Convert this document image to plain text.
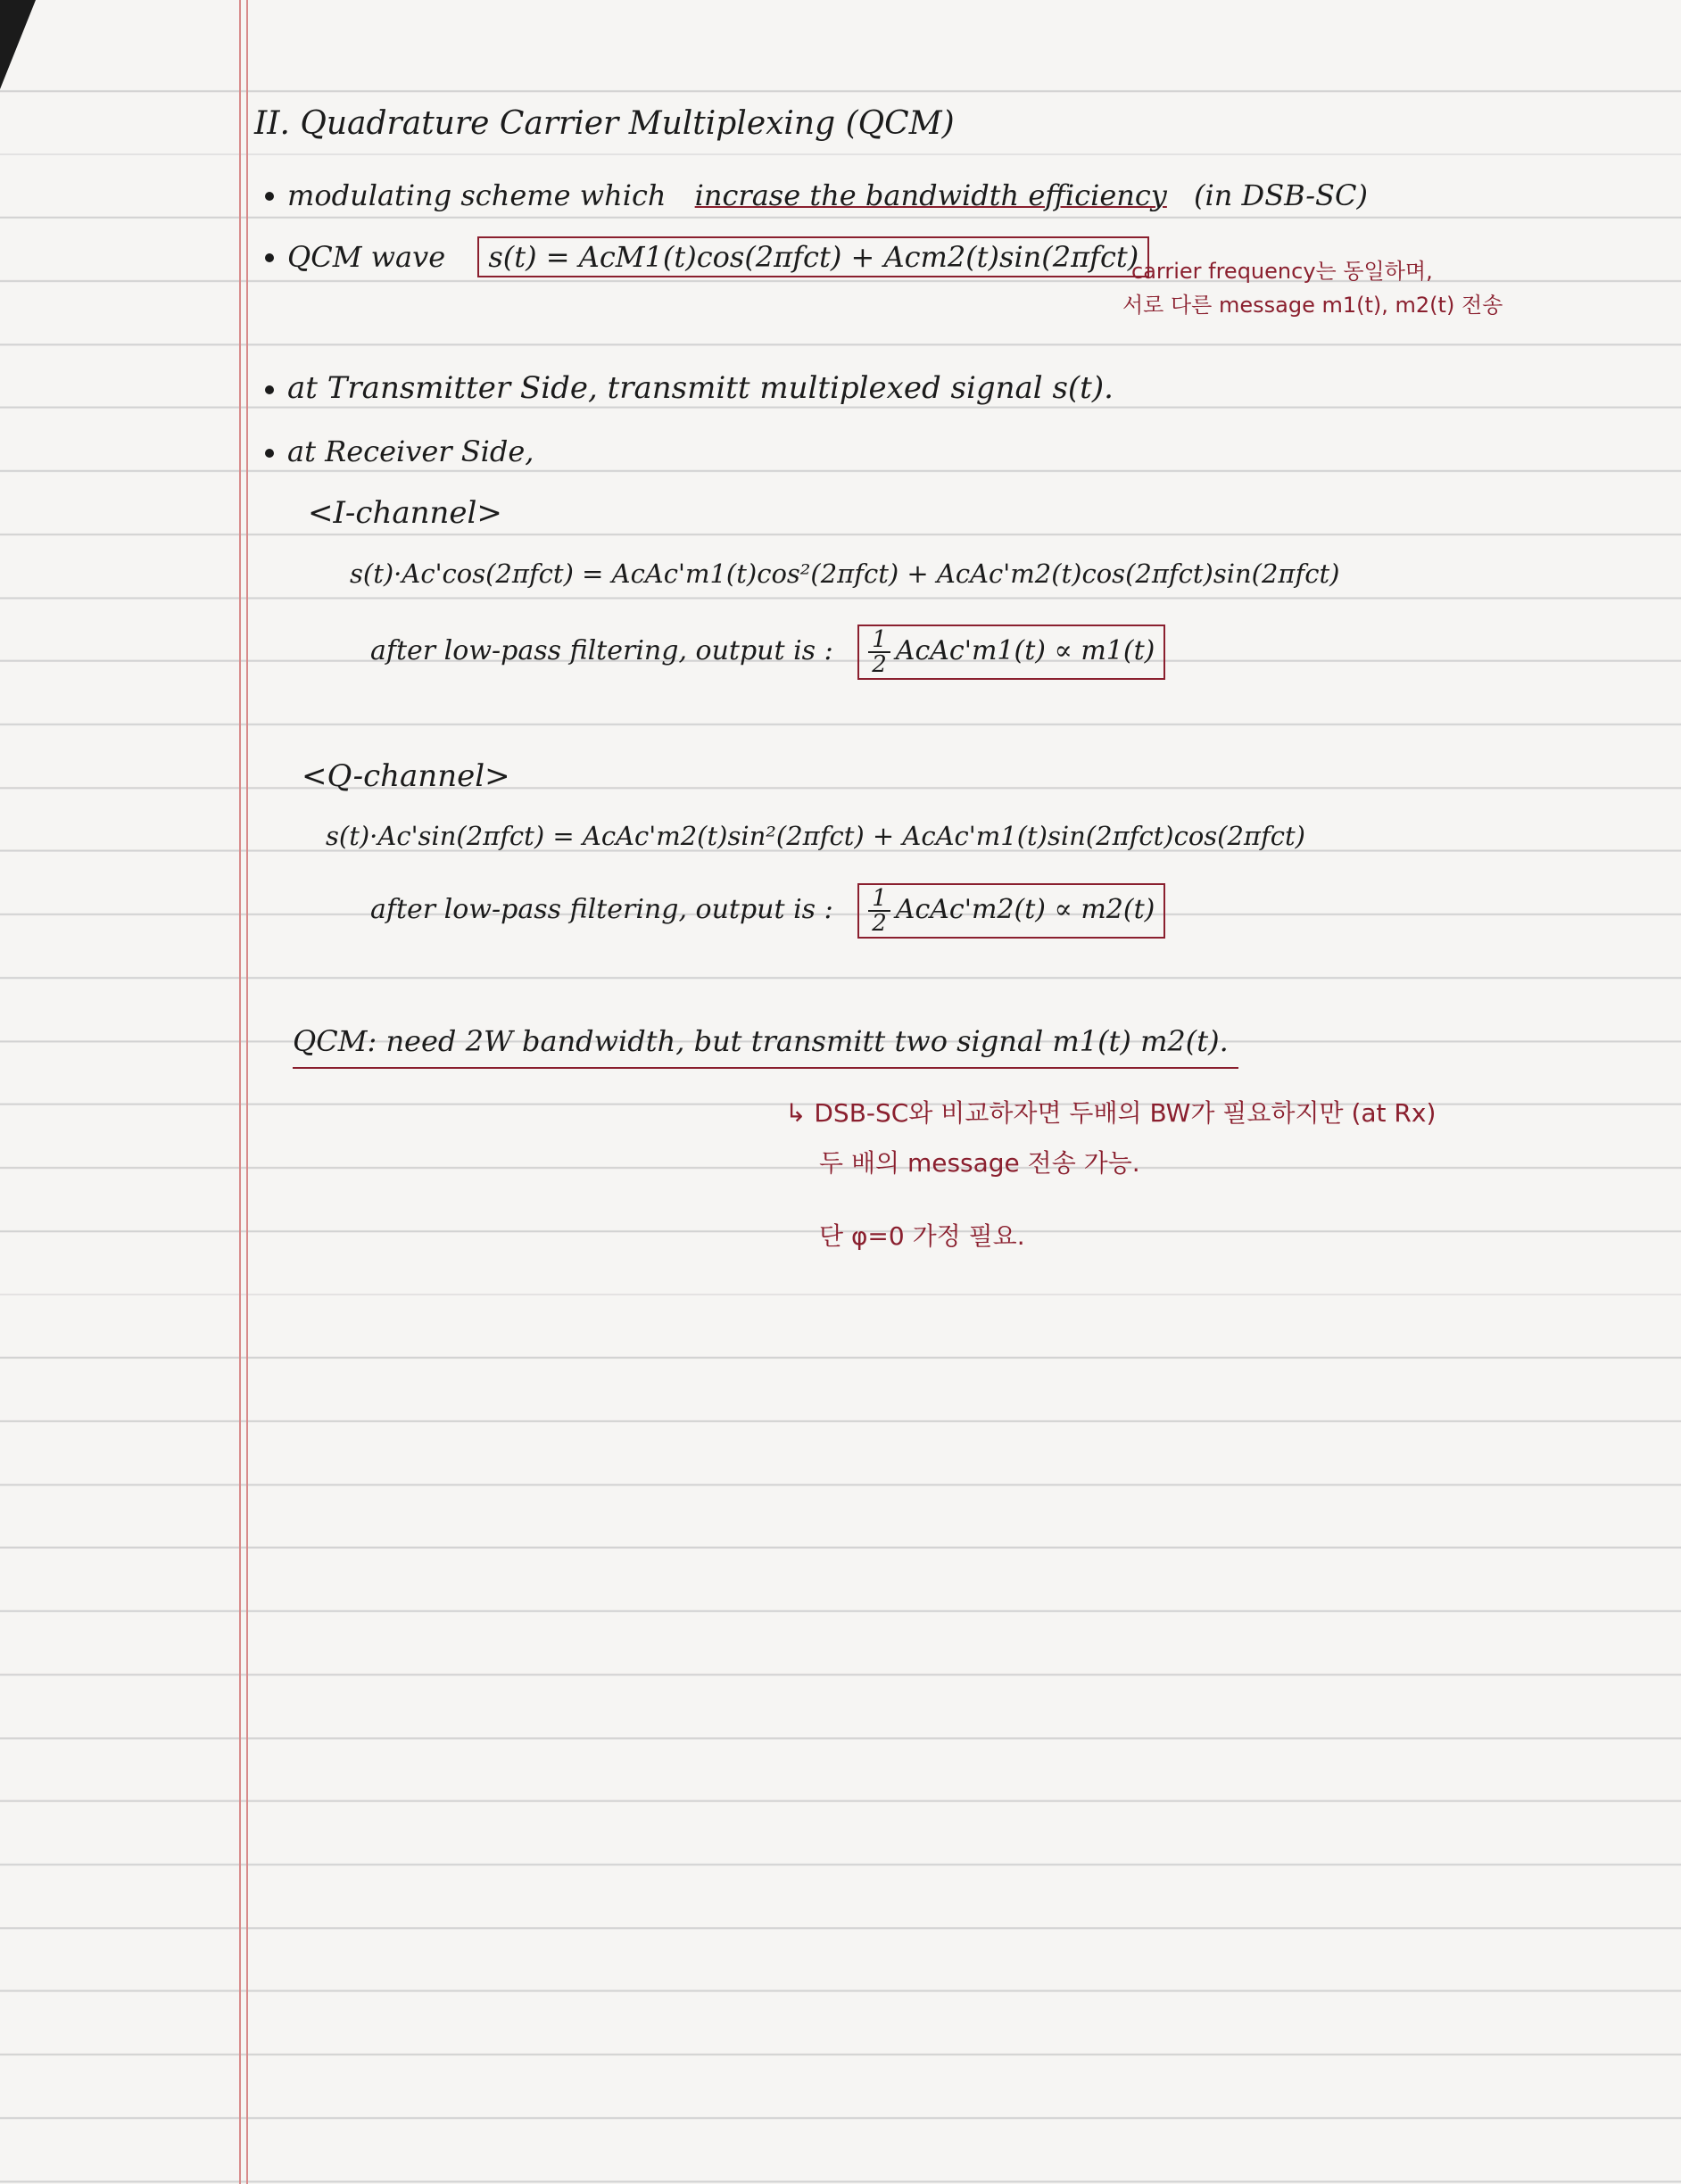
II. Quadrature Carrier Multiplexing (QCM)
modulating scheme which incrase the bandwidth efficiency (in DSB-SC)
QCM wave s(t) = AcM1(t)cos(2πfct) + Acm2(t)sin(2πfct)
carrier frequency는 동일하며,
서로 다른 message m1(t), m2(t) 전송
at Transmitter Side, transmitt multiplexed signal s(t).
at Receiver Side,
<I-channel>
s(t)·Ac'cos(2πfct) = AcAc'm1(t)cos²(2πfct) + AcAc'm2(t)cos(2πfct)sin(2πfct)
after low-pass filtering, output is : $\frac{1}{2}$ AcAc'm1(t) ∝ m1(t)
<Q-channel>
s(t)·Ac'sin(2πfct) = AcAc'm2(t)sin²(2πfct) + AcAc'm1(t)sin(2πfct)cos(2πfct)
after low-pass filtering, output is : $\frac{1}{2}$ AcAc'm2(t) ∝ m2(t)
QCM: need 2W bandwidth, but transmitt two signal m1(t) m2(t).
↳ DSB-SC와 비교하자면 두배의 BW가 필요하지만 (at Rx)
두 배의 message 전송 가능.
단 φ=0 가정 필요.
